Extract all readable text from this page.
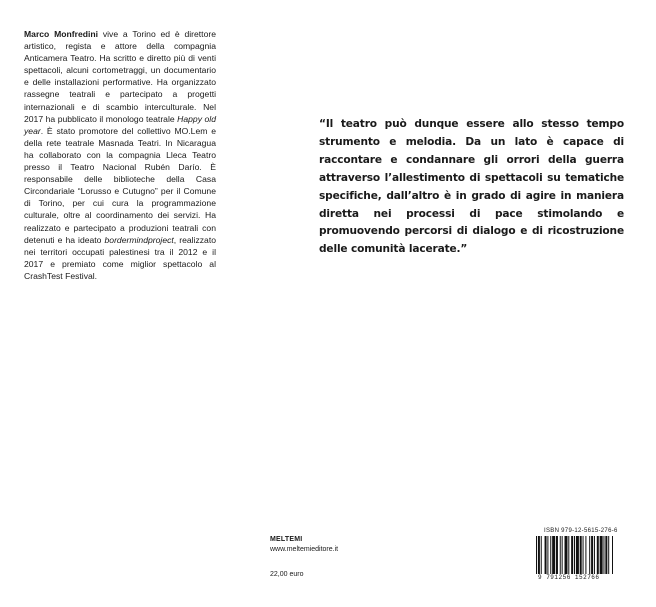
Marco Monfredini vive a Torino ed è direttore artistico, regista e attore della compagnia Anticamera Teatro. Ha scritto e diretto più di venti spettacoli, alcuni cortometraggi, un documentario e delle installazioni performative. Ha organizzato rassegne teatrali e partecipato a progetti internazionali e di scambio interculturale. Nel 2017 ha pubblicato il monologo teatrale Happy old year. È stato promotore del collettivo MO.Lem e della rete teatrale Masnada Teatri. In Nicaragua ha collaborato con la compagnia Lleca Teatro presso il Teatro Nacional Rubén Darío. È responsabile delle biblioteche della Casa Circondariale “Lorusso e Cutugno” per il Comune di Torino, per cui cura la programmazione culturale, oltre al coordinamento dei servizi. Ha realizzato e partecipato a produzioni teatrali con detenuti e ha ideato bordermindproject, realizzato nei territori occupati palestinesi tra il 2012 e il 2017 e premiato come miglior spettacolo al CrashTest Festival.
“Il teatro può dunque essere allo stesso tempo strumento e melodia. Da un lato è capace di raccontare e condannare gli orrori della guerra attraverso l’allestimento di spettacoli su tematiche specifiche, dall’altro è in grado di agire in maniera diretta nei processi di pace stimolando e promuovendo percorsi di dialogo e di ricostruzione delle comunità lacerate.”
MELTEMI
www.meltemieditore.it
22,00 euro
ISBN 979-12-5615-276-6
9 791256 152766
